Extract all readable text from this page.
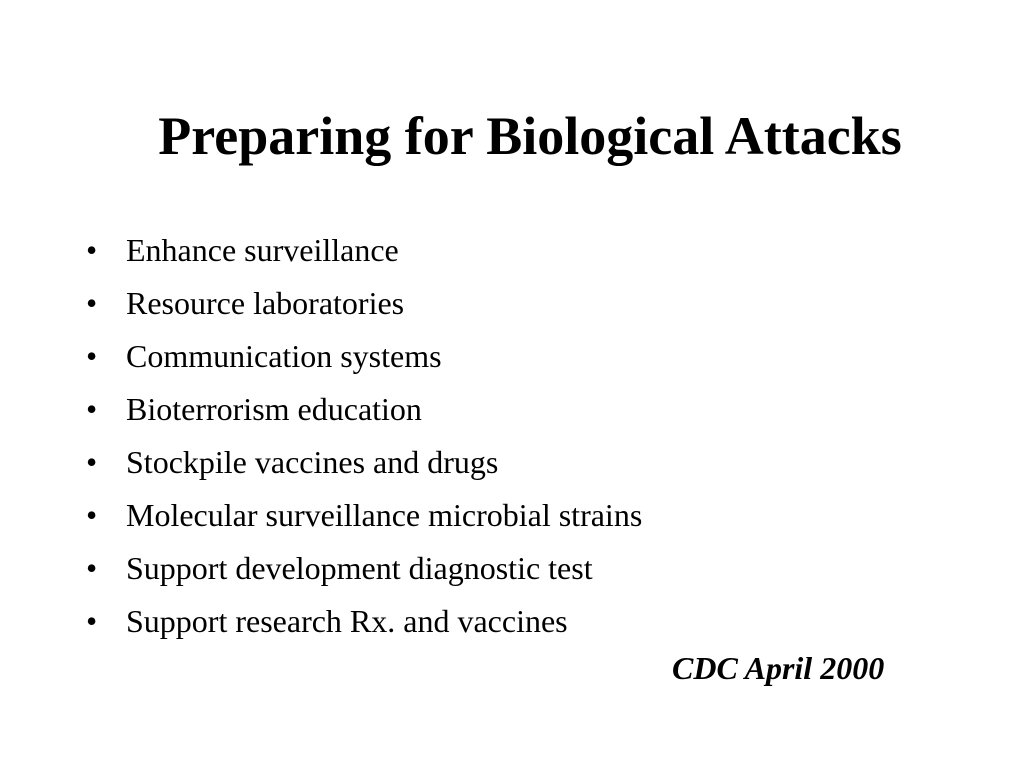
Preparing for Biological Attacks
• Enhance surveillance
• Resource laboratories
• Communication systems
• Bioterrorism education
• Stockpile vaccines and drugs
• Molecular surveillance microbial strains
• Support development diagnostic test
• Support research Rx. and vaccines

CDC April 2000
